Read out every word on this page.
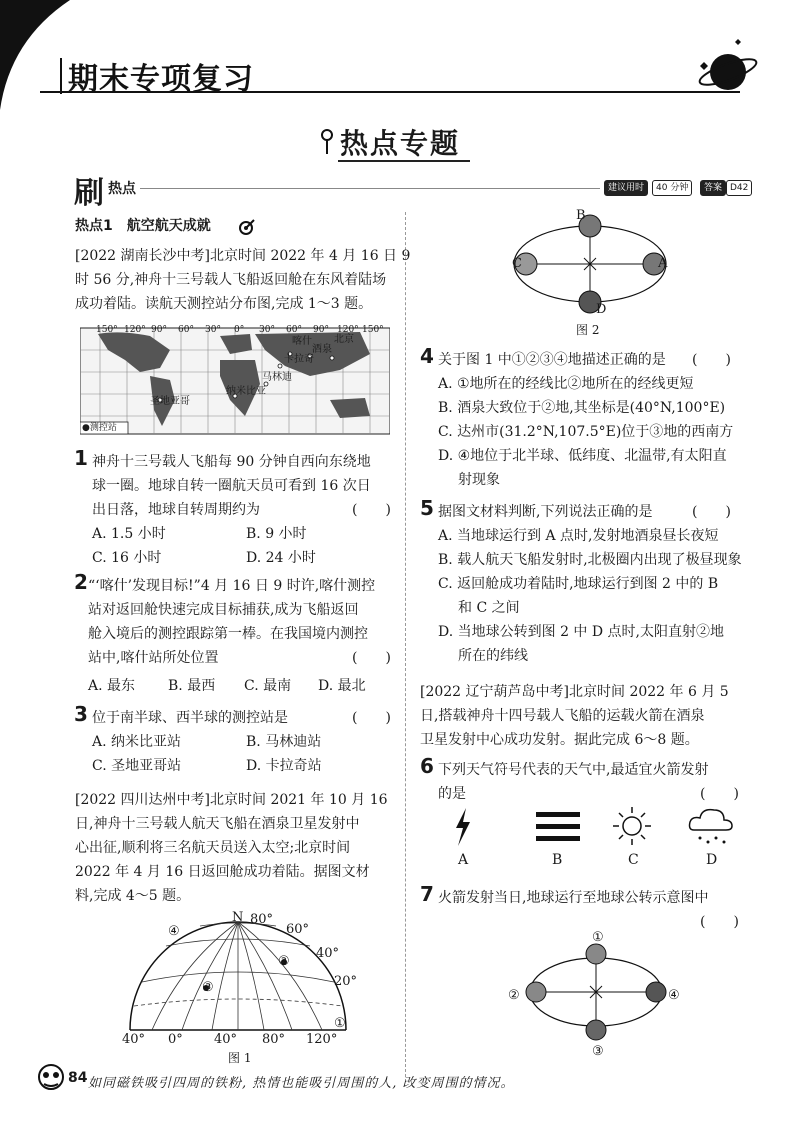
期末专项复习
热点专题
刷 热点	建议用时	40 分钟	答案 D42
热点1　航空航天成就
[2022 湖南长沙中考]北京时间 2022 年 4 月 16 日 9
时 56 分,神舟十三号载人飞船返回舱在东风着陆场
成功着陆。读航天测控站分布图,完成 1～3 题。
150° 120° 90° 60° 30° 0° 30° 60° 90° 120° 150°
喀什
酒泉
北京
纳米比亚
马林迪
卡拉奇
圣地亚哥
●测控站
1 神舟十三号载人飞船每 90 分钟自西向东绕地
球一圈。地球自转一圈航天员可看到 16 次日
出日落，地球自转周期约为	(　　)
A. 1.5 小时	B. 9 小时
C. 16 小时	D. 24 小时
2 “‘喀什’发现目标!”4 月 16 日 9 时许,喀什测控
站对返回舱快速完成目标捕获,成为飞船返回
舱入境后的测控跟踪第一棒。在我国境内测控
站中,喀什站所处位置	(　　)
A. 最东 B. 最西 C. 最南 D. 最北
3 位于南半球、西半球的测控站是	(　　)
A. 纳米比亚站	B. 马林迪站
C. 圣地亚哥站	D. 卡拉奇站
[2022 四川达州中考]北京时间 2021 年 10 月 16
日,神舟十三号载人航天飞船在酒泉卫星发射中
心出征,顺利将三名航天员送入太空;北京时间
2022 年 4 月 16 日返回舱成功着陆。据图文材
料,完成 4～5 题。
N 80°
60°
40°
20°
①
②
③
④
40° 0° 40° 80° 120°
图 1
A
B
C
D
图 2
4 关于图 1 中①②③④地描述正确的是 (　　)
A. ①地所在的经线比②地所在的经线更短
B. 酒泉大致位于②地,其坐标是(40°N,100°E)
C. 达州市(31.2°N,107.5°E)位于③地的西南方
D. ④地位于北半球、低纬度、北温带,有太阳直
射现象
5 据图文材料判断,下列说法正确的是	(　　)
A. 当地球运行到 A 点时,发射地酒泉昼长夜短
B. 载人航天飞船发射时,北极圈内出现了极昼现象
C. 返回舱成功着陆时,地球运行到图 2 中的 B
和 C 之间
D. 当地球公转到图 2 中 D 点时,太阳直射②地
所在的纬线
[2022 辽宁葫芦岛中考]北京时间 2022 年 6 月 5
日,搭载神舟十四号载人飞船的运载火箭在酒泉
卫星发射中心成功发射。据此完成 6～8 题。
6 下列天气符号代表的天气中,最适宜火箭发射
的是	(　　)
A	B	C	D
7 火箭发射当日,地球运行至地球公转示意图中
(　　)
①
②
③
④
84 如同磁铁吸引四周的铁粉, 热情也能吸引周围的人, 改变周围的情况。
